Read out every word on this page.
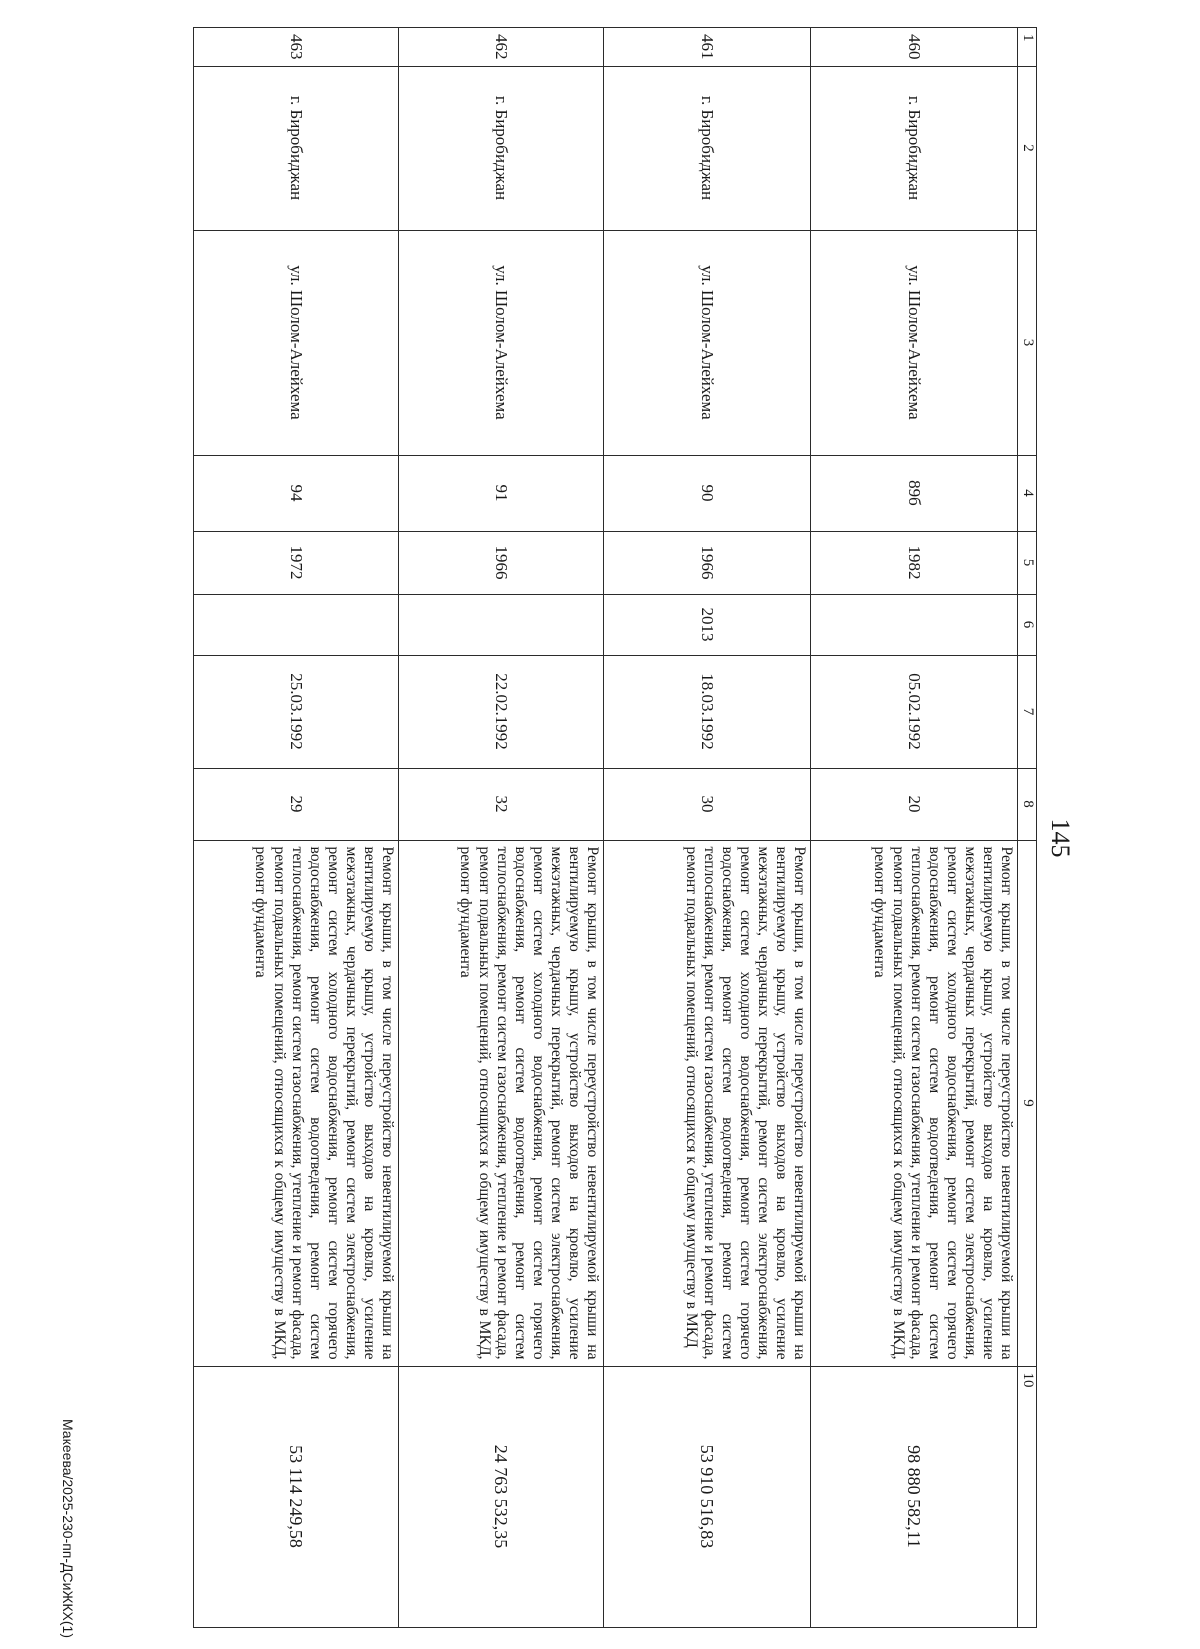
145
1	2	3	4	5	6	7	8	9	10
460	г. Биробиджан	ул. Шолом-Алейхема	89б	1982		05.02.1992	20	Ремонт крыши, в том числе переустройство невентилируемой крыши на вентилируемую крышу, устройство выходов на кровлю, усиление межэтажных, чердачных перекрытий, ремонт систем электроснабжения, ремонт систем холодного водоснабжения, ремонт систем горячего водоснабжения, ремонт систем водоотведения, ремонт систем теплоснабжения, ремонт систем газоснабжения, утепление и ремонт фасада, ремонт подвальных помещений, относящихся к общему имуществу в МКД, ремонт фундамента	98 880 582,11
461	г. Биробиджан	ул. Шолом-Алейхема	90	1966	2013	18.03.1992	30	Ремонт крыши, в том числе переустройство невентилируемой крыши на вентилируемую крышу, устройство выходов на кровлю, усиление межэтажных, чердачных перекрытий, ремонт систем электроснабжения, ремонт систем холодного водоснабжения, ремонт систем горячего водоснабжения, ремонт систем водоотведения, ремонт систем теплоснабжения, ремонт систем газоснабжения, утепление и ремонт фасада, ремонт подвальных помещений, относящихся к общему имуществу в МКД	53 910 516,83
462	г. Биробиджан	ул. Шолом-Алейхема	91	1966		22.02.1992	32	Ремонт крыши, в том числе переустройство невентилируемой крыши на вентилируемую крышу, устройство выходов на кровлю, усиление межэтажных, чердачных перекрытий, ремонт систем электроснабжения, ремонт систем холодного водоснабжения, ремонт систем горячего водоснабжения, ремонт систем водоотведения, ремонт систем теплоснабжения, ремонт систем газоснабжения, утепление и ремонт фасада, ремонт подвальных помещений, относящихся к общему имуществу в МКД, ремонт фундамента	24 763 532,35
463	г. Биробиджан	ул. Шолом-Алейхема	94	1972		25.03.1992	29	Ремонт крыши, в том числе переустройство невентилируемой крыши на вентилируемую крышу, устройство выходов на кровлю, усиление межэтажных, чердачных перекрытий, ремонт систем электроснабжения, ремонт систем холодного водоснабжения, ремонт систем горячего водоснабжения, ремонт систем водоотведения, ремонт систем теплоснабжения, ремонт систем газоснабжения, утепление и ремонт фасада, ремонт подвальных помещений, относящихся к общему имуществу в МКД, ремонт фундамента	53 114 249,58
Макеева/2025-230-пп-ДСиЖКХ(1)
